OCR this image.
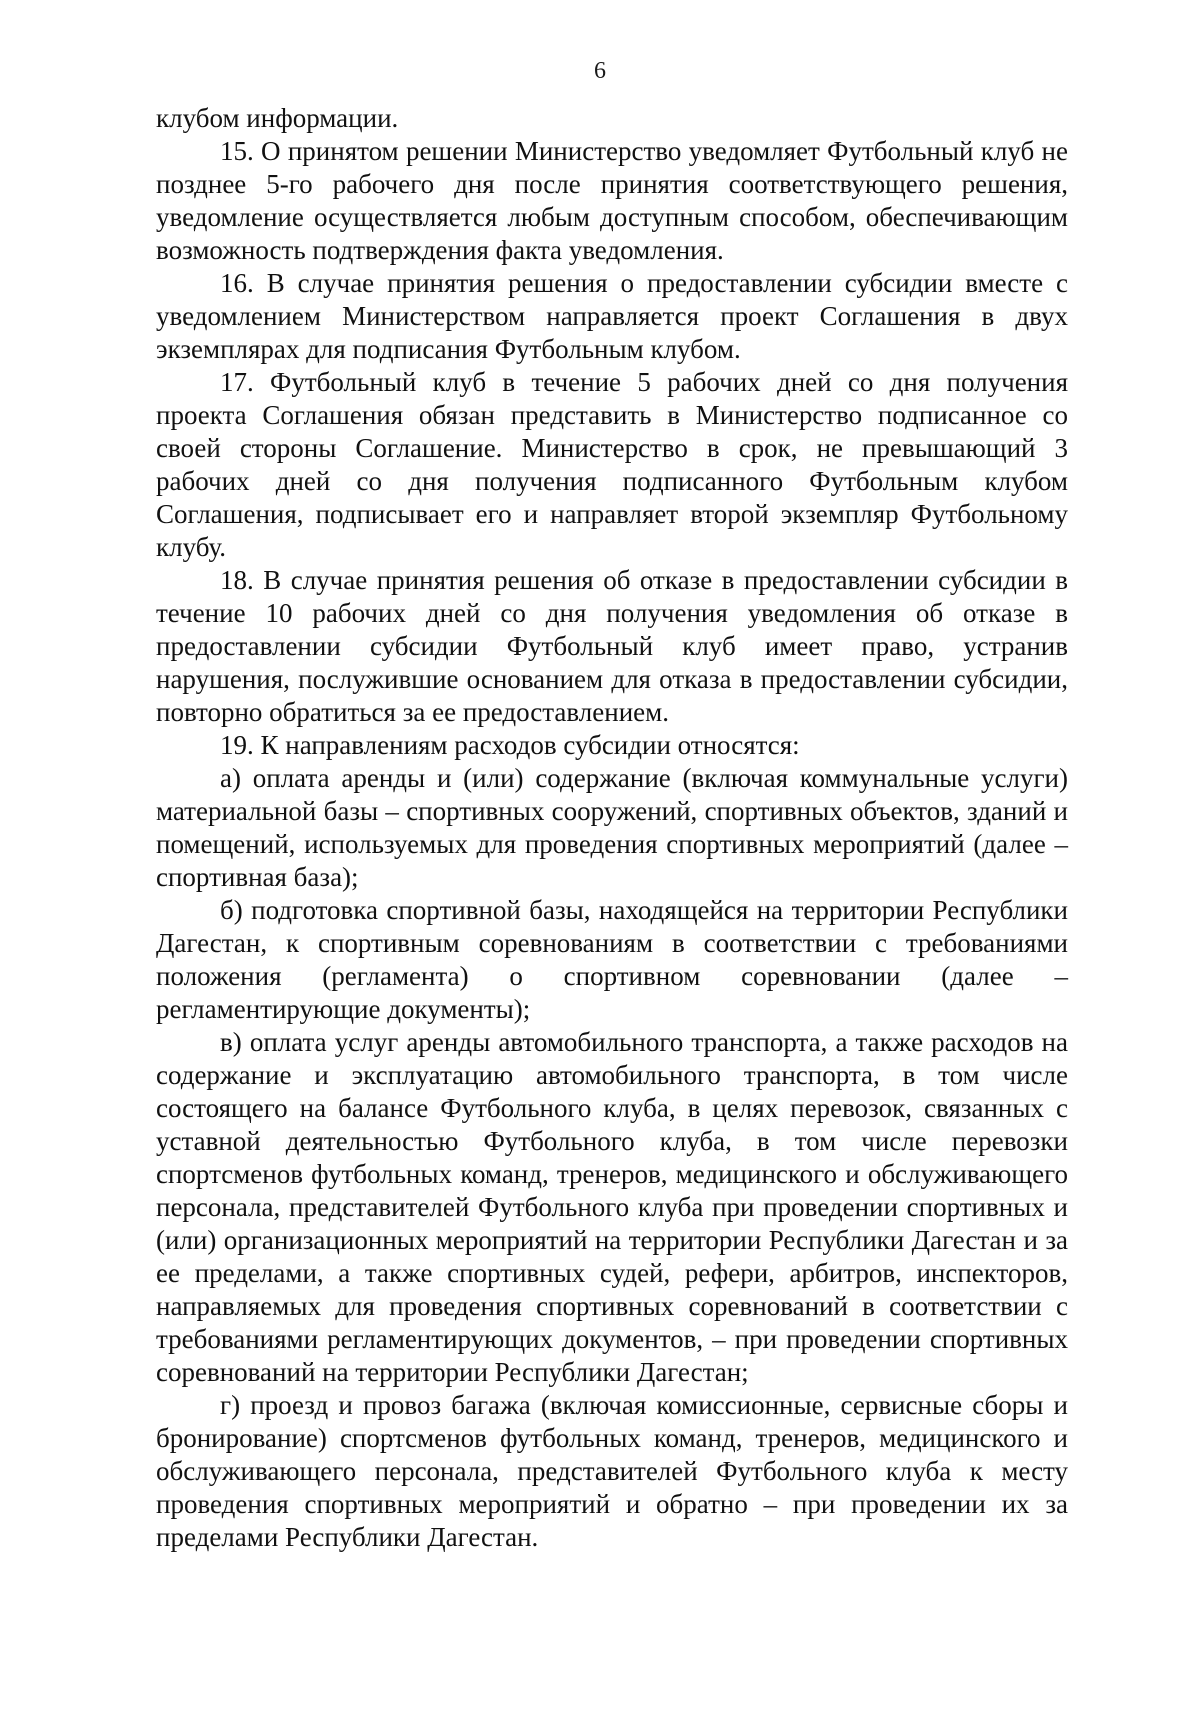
6

клубом информации.

15. О принятом решении Министерство уведомляет Футбольный клуб не позднее 5-го рабочего дня после принятия соответствующего решения, уведомление осуществляется любым доступным способом, обеспечивающим возможность подтверждения факта уведомления.

16. В случае принятия решения о предоставлении субсидии вместе с уведомлением Министерством направляется проект Соглашения в двух экземплярах для подписания Футбольным клубом.

17. Футбольный клуб в течение 5 рабочих дней со дня получения проекта Соглашения обязан представить в Министерство подписанное со своей стороны Соглашение. Министерство в срок, не превышающий 3 рабочих дней со дня получения подписанного Футбольным клубом Соглашения, подписывает его и направляет второй экземпляр Футбольному клубу.

18. В случае принятия решения об отказе в предоставлении субсидии в течение 10 рабочих дней со дня получения уведомления об отказе в предоставлении субсидии Футбольный клуб имеет право, устранив нарушения, послужившие основанием для отказа в предоставлении субсидии, повторно обратиться за ее предоставлением.

19. К направлениям расходов субсидии относятся:

а) оплата аренды и (или) содержание (включая коммунальные услуги) материальной базы – спортивных сооружений, спортивных объектов, зданий и помещений, используемых для проведения спортивных мероприятий (далее – спортивная база);

б) подготовка спортивной базы, находящейся на территории Республики Дагестан, к спортивным соревнованиям в соответствии с требованиями положения (регламента) о спортивном соревновании (далее – регламентирующие документы);

в) оплата услуг аренды автомобильного транспорта, а также расходов на содержание и эксплуатацию автомобильного транспорта, в том числе состоящего на балансе Футбольного клуба, в целях перевозок, связанных с уставной деятельностью Футбольного клуба, в том числе перевозки спортсменов футбольных команд, тренеров, медицинского и обслуживающего персонала, представителей Футбольного клуба при проведении спортивных и (или) организационных мероприятий на территории Республики Дагестан и за ее пределами, а также спортивных судей, рефери, арбитров, инспекторов, направляемых для проведения спортивных соревнований в соответствии с требованиями регламентирующих документов, – при проведении спортивных соревнований на территории Республики Дагестан;

г) проезд и провоз багажа (включая комиссионные, сервисные сборы и бронирование) спортсменов футбольных команд, тренеров, медицинского и обслуживающего персонала, представителей Футбольного клуба к месту проведения спортивных мероприятий и обратно – при проведении их за пределами Республики Дагестан.
